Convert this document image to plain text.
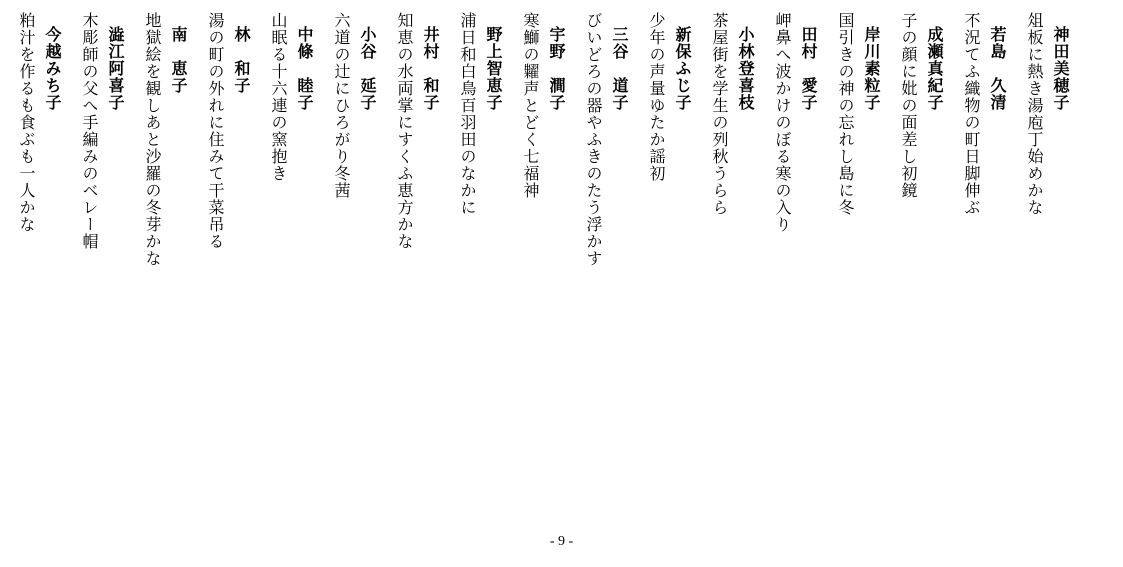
神田美穂子
俎板に熱き湯庖丁始めかな
若島　久清
不況てふ織物の町日脚伸ぶ
成瀬真紀子
子の顔に妣の面差し初鏡
岸川素粒子
国引きの神の忘れし島に冬
田村　愛子
岬鼻へ波かけのぼる寒の入り
小林登喜枝
茶屋街を学生の列秋うらら
新保ふじ子
少年の声量ゆたか謡初
三谷　道子
びいどろの器やふきのたう浮かす
宇野　澗子
寒鰤の糶声とどく七福神
野上智恵子
浦日和白鳥百羽田のなかに
井村　和子
知恵の水両掌にすくふ恵方かな
小谷　延子
六道の辻にひろがり冬茜
中條　睦子
山眠る十六連の窯抱き
林　和子
湯の町の外れに住みて干菜吊る
南　恵子
地獄絵を観しあと沙羅の冬芽かな
澁江阿喜子
木彫師の父へ手編みのベレー帽
今越みち子
粕汁を作るも食ぶも一人かな
- 9 -
